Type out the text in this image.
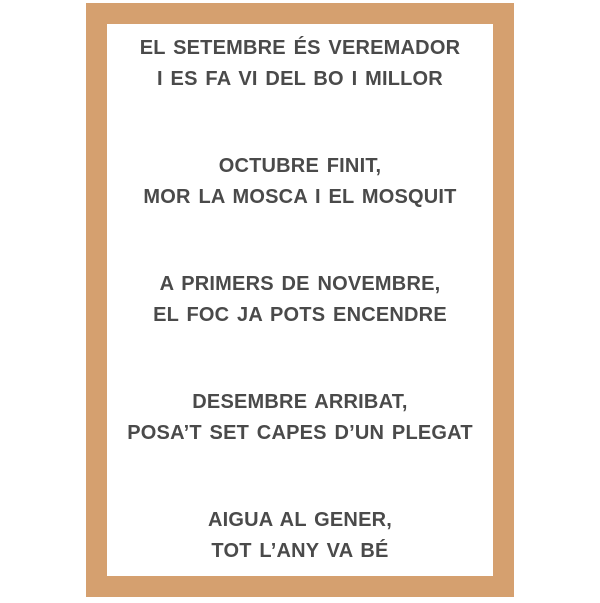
EL SETEMBRE ÉS VEREMADOR

I ES FA VI DEL BO I MILLOR

OCTUBRE FINIT,

MOR LA MOSCA I EL MOSQUIT

A PRIMERS DE NOVEMBRE,

EL FOC JA POTS ENCENDRE

DESEMBRE ARRIBAT,

POSA’T SET CAPES D’UN PLEGAT

AIGUA AL GENER,

TOT L’ANY VA BÉ
